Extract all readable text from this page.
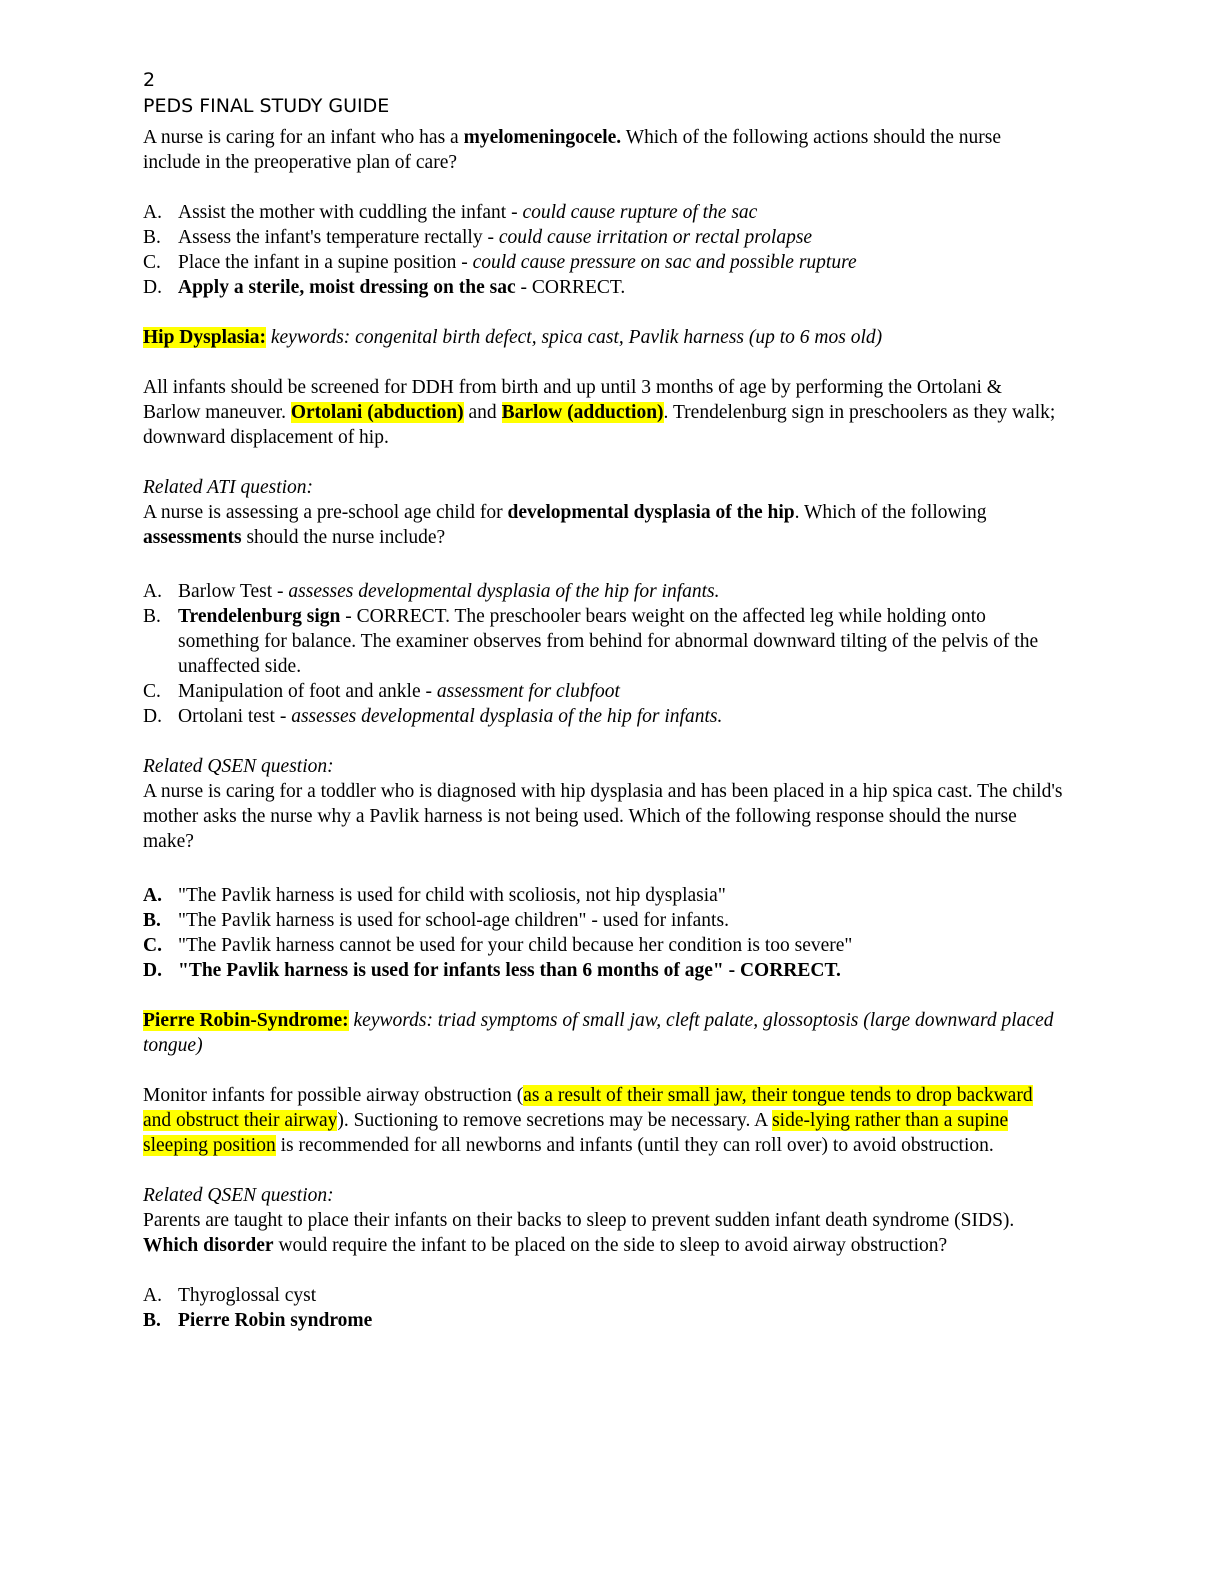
2
PEDS FINAL STUDY GUIDE
A nurse is caring for an infant who has a myelomeningocele. Which of the following actions should the nurse include in the preoperative plan of care?
A. Assist the mother with cuddling the infant - could cause rupture of the sac
B. Assess the infant's temperature rectally - could cause irritation or rectal prolapse
C. Place the infant in a supine position - could cause pressure on sac and possible rupture
D. Apply a sterile, moist dressing on the sac - CORRECT.
Hip Dysplasia: keywords: congenital birth defect, spica cast, Pavlik harness (up to 6 mos old)
All infants should be screened for DDH from birth and up until 3 months of age by performing the Ortolani & Barlow maneuver. Ortolani (abduction) and Barlow (adduction). Trendelenburg sign in preschoolers as they walk; downward displacement of hip.
Related ATI question:
A nurse is assessing a pre-school age child for developmental dysplasia of the hip. Which of the following assessments should the nurse include?
A. Barlow Test - assesses developmental dysplasia of the hip for infants.
B. Trendelenburg sign - CORRECT. The preschooler bears weight on the affected leg while holding onto something for balance. The examiner observes from behind for abnormal downward tilting of the pelvis of the unaffected side.
C. Manipulation of foot and ankle - assessment for clubfoot
D. Ortolani test - assesses developmental dysplasia of the hip for infants.
Related QSEN question:
A nurse is caring for a toddler who is diagnosed with hip dysplasia and has been placed in a hip spica cast. The child's mother asks the nurse why a Pavlik harness is not being used. Which of the following response should the nurse make?
A. "The Pavlik harness is used for child with scoliosis, not hip dysplasia"
B. "The Pavlik harness is used for school-age children" - used for infants.
C. "The Pavlik harness cannot be used for your child because her condition is too severe"
D. "The Pavlik harness is used for infants less than 6 months of age" - CORRECT.
Pierre Robin-Syndrome: keywords: triad symptoms of small jaw, cleft palate, glossoptosis (large downward placed tongue)
Monitor infants for possible airway obstruction (as a result of their small jaw, their tongue tends to drop backward and obstruct their airway). Suctioning to remove secretions may be necessary. A side-lying rather than a supine sleeping position is recommended for all newborns and infants (until they can roll over) to avoid obstruction.
Related QSEN question:
Parents are taught to place their infants on their backs to sleep to prevent sudden infant death syndrome (SIDS). Which disorder would require the infant to be placed on the side to sleep to avoid airway obstruction?
A. Thyroglossal cyst
B. Pierre Robin syndrome
